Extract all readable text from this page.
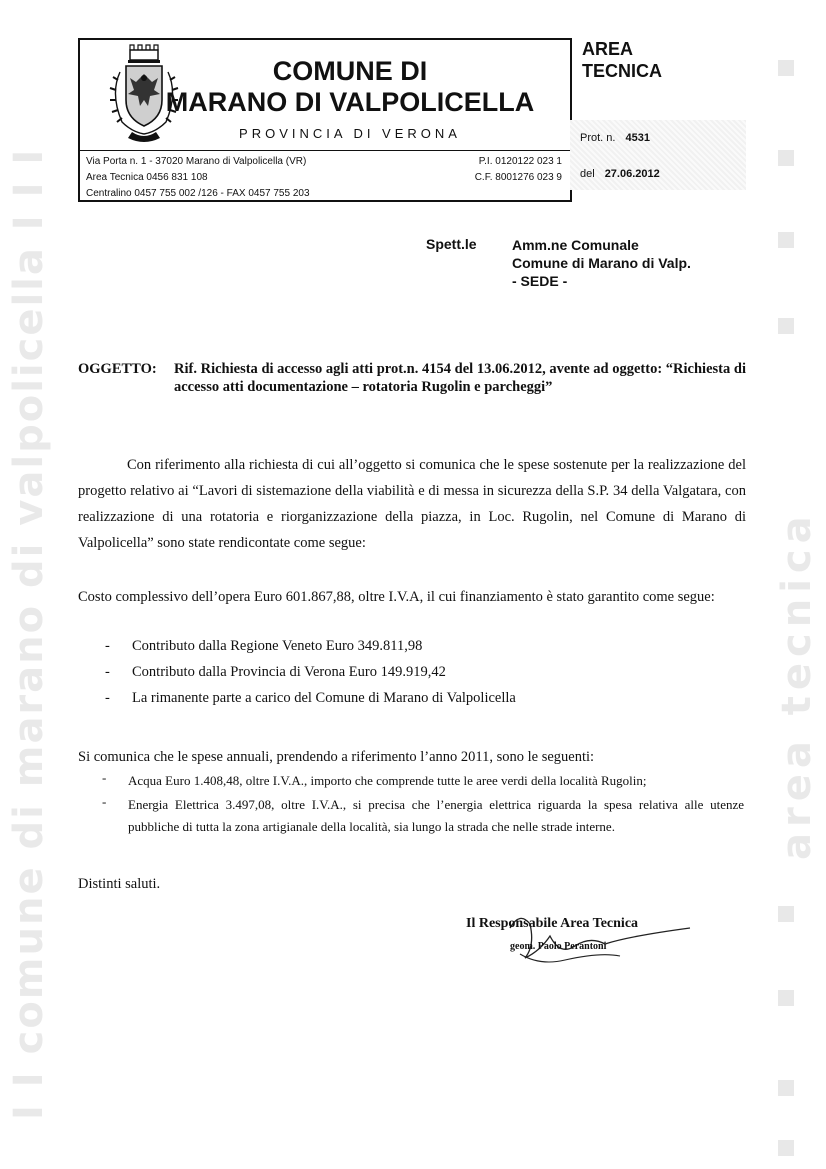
I I comune di marano di valpolicella I I I	area tecnica
COMUNE DI
MARANO DI VALPOLICELLA
PROVINCIA DI VERONA
Via Porta n. 1 - 37020 Marano di Valpolicella (VR)
Area Tecnica 0456 831 108
Centralino 0457 755 002 /126 - FAX 0457 755 203
P.I. 0120122 023 1
C.F. 8001276 023 9
AREA
TECNICA
Prot. n. 4531
del 27.06.2012
Spett.le	Amm.ne Comunale
Comune di Marano di Valp.
- SEDE -
OGGETTO: Rif. Richiesta di accesso agli atti prot.n. 4154 del 13.06.2012, avente ad oggetto: “Richiesta di accesso atti documentazione – rotatoria Rugolin e parcheggi”
Con riferimento alla richiesta di cui all’oggetto si comunica che le spese sostenute per la realizzazione del progetto relativo ai “Lavori di sistemazione della viabilità e di messa in sicurezza della S.P. 34 della Valgatara, con realizzazione di una rotatoria e riorganizzazione della piazza, in Loc. Rugolin, nel Comune di Marano di Valpolicella” sono state rendicontate come segue:
Costo complessivo dell’opera Euro 601.867,88, oltre I.V.A, il cui finanziamento è stato garantito come segue:
- Contributo dalla Regione Veneto Euro 349.811,98
- Contributo dalla Provincia di Verona Euro 149.919,42
- La rimanente parte a carico del Comune di Marano di Valpolicella
Si comunica che le spese annuali, prendendo a riferimento l’anno 2011, sono le seguenti:
- Acqua Euro 1.408,48, oltre I.V.A., importo che comprende tutte le aree verdi della località Rugolin;
- Energia Elettrica 3.497,08, oltre I.V.A., si precisa che l’energia elettrica riguarda la spesa relativa alle utenze pubbliche di tutta la zona artigianale della località, sia lungo la strada che nelle strade interne.
Distinti saluti.
Il Responsabile Area Tecnica
geom. Paolo Perantoni
